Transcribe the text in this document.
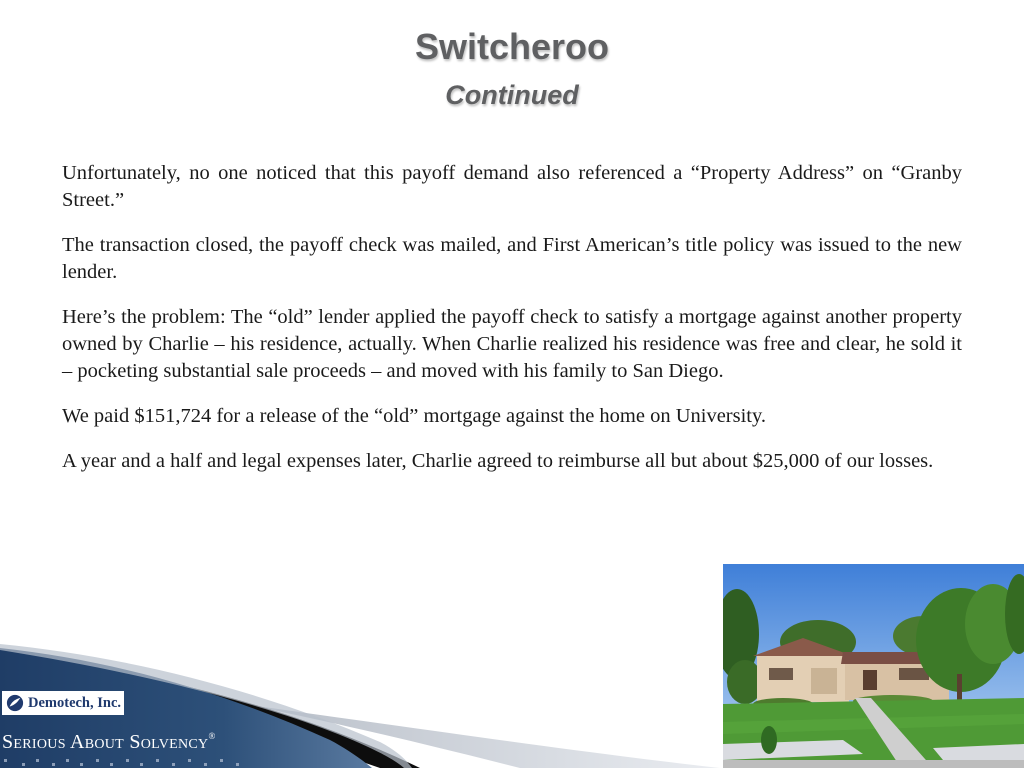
Switcheroo
Continued

Unfortunately, no one noticed that this payoff demand also referenced a “Property Address” on “Granby Street.”

The transaction closed, the payoff check was mailed, and First American’s title policy was issued to the new lender.

Here’s the problem: The “old” lender applied the payoff check to satisfy a mortgage against another property owned by Charlie – his residence, actually. When Charlie realized his residence was free and clear, he sold it – pocketing substantial sale proceeds – and moved with his family to San Diego.

We paid $151,724 for a release of the “old” mortgage against the home on University.

A year and a half and legal expenses later, Charlie agreed to reimburse all but about $25,000 of our losses.

Demotech, Inc.
Serious About Solvency®
